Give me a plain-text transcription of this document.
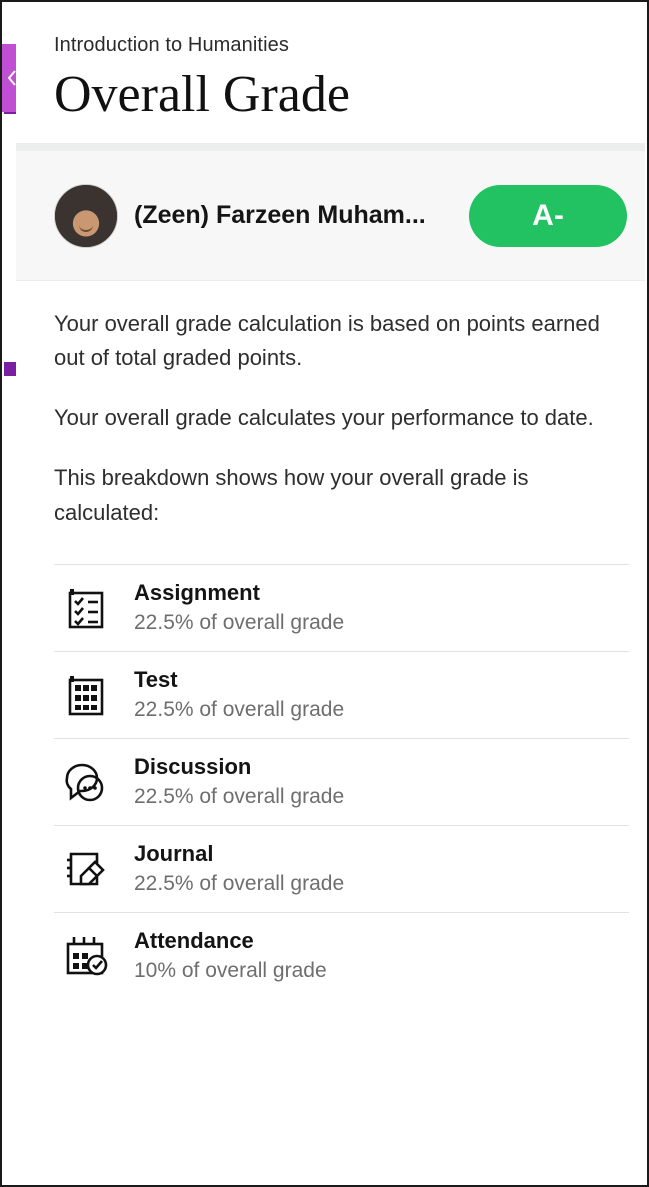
Introduction to Humanities
Overall Grade
(Zeen) Farzeen Muham...	A-

Your overall grade calculation is based on points earned out of total graded points.

Your overall grade calculates your performance to date.

This breakdown shows how your overall grade is calculated:

Assignment
22.5% of overall grade
Test
22.5% of overall grade
Discussion
22.5% of overall grade
Journal
22.5% of overall grade
Attendance
10% of overall grade
